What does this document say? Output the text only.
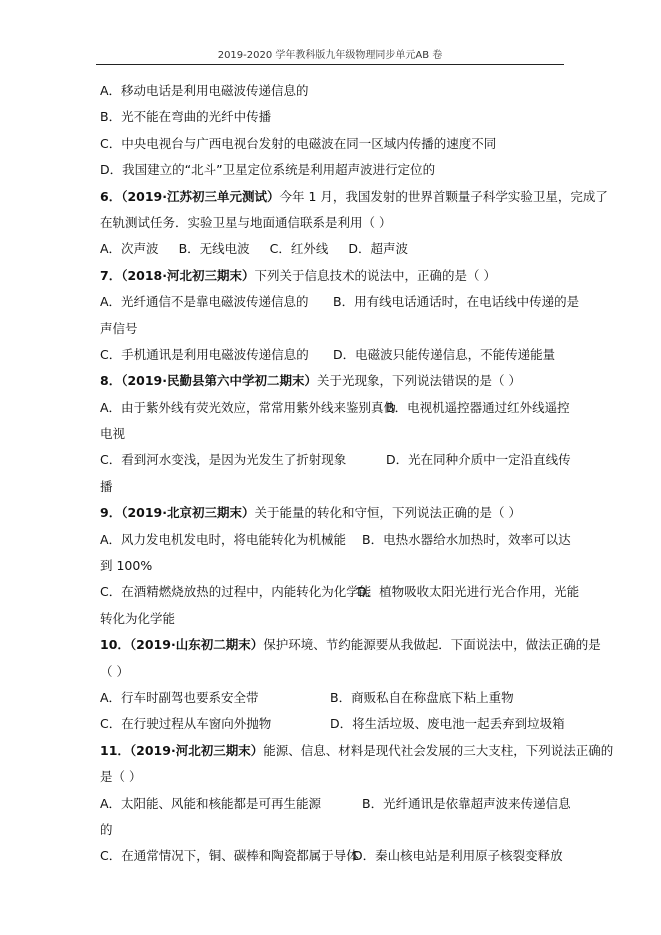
2019-2020 学年教科版九年级物理同步单元AB 卷
A．移动电话是利用电磁波传递信息的
B．光不能在弯曲的光纤中传播
C．中央电视台与广西电视台发射的电磁波在同一区域内传播的速度不同
D．我国建立的“北斗”卫星定位系统是利用超声波进行定位的
6．（2019·江苏初三单元测试）今年 1 月，我国发射的世界首颗量子科学实验卫星，完成了
在轨测试任务．实验卫星与地面通信联系是利用（ ）
A．次声波 B．无线电波 C．红外线 D．超声波
7．（2018·河北初三期末）下列关于信息技术的说法中，正确的是（ ）
A．光纤通信不是靠电磁波传递信息的 B．用有线电话通话时，在电话线中传递的是
声信号
C．手机通讯是利用电磁波传递信息的 D．电磁波只能传递信息，不能传递能量
8．（2019·民勤县第六中学初二期末）关于光现象，下列说法错误的是（ ）
A．由于紫外线有荧光效应，常常用紫外线来鉴别真伪
B．电视机遥控器通过红外线遥控
电视
C．看到河水变浅，是因为光发生了折射现象	D．光在同种介质中一定沿直线传
播
9．（2019·北京初三期末）关于能量的转化和守恒，下列说法正确的是（ ）
A．风力发电机发电时，将电能转化为机械能 B．电热水器给水加热时，效率可以达
到 100%
C．在酒精燃烧放热的过程中，内能转化为化学能
D．植物吸收太阳光进行光合作用，光能
转化为化学能
10．（2019·山东初二期末）保护环境、节约能源要从我做起．下面说法中，做法正确的是
（ ）
A．行车时副驾也要系安全带	B．商贩私自在称盘底下粘上重物
C．在行驶过程从车窗向外抛物	D．将生活垃圾、废电池一起丢弃到垃圾箱
11．（2019·河北初三期末）能源、信息、材料是现代社会发展的三大支柱，下列说法正确的
是（ ）
A．太阳能、风能和核能都是可再生能源	B．光纤通讯是依靠超声波来传递信息
的
C．在通常情况下，铜、碳棒和陶瓷都属于导体
D．秦山核电站是利用原子核裂变释放
